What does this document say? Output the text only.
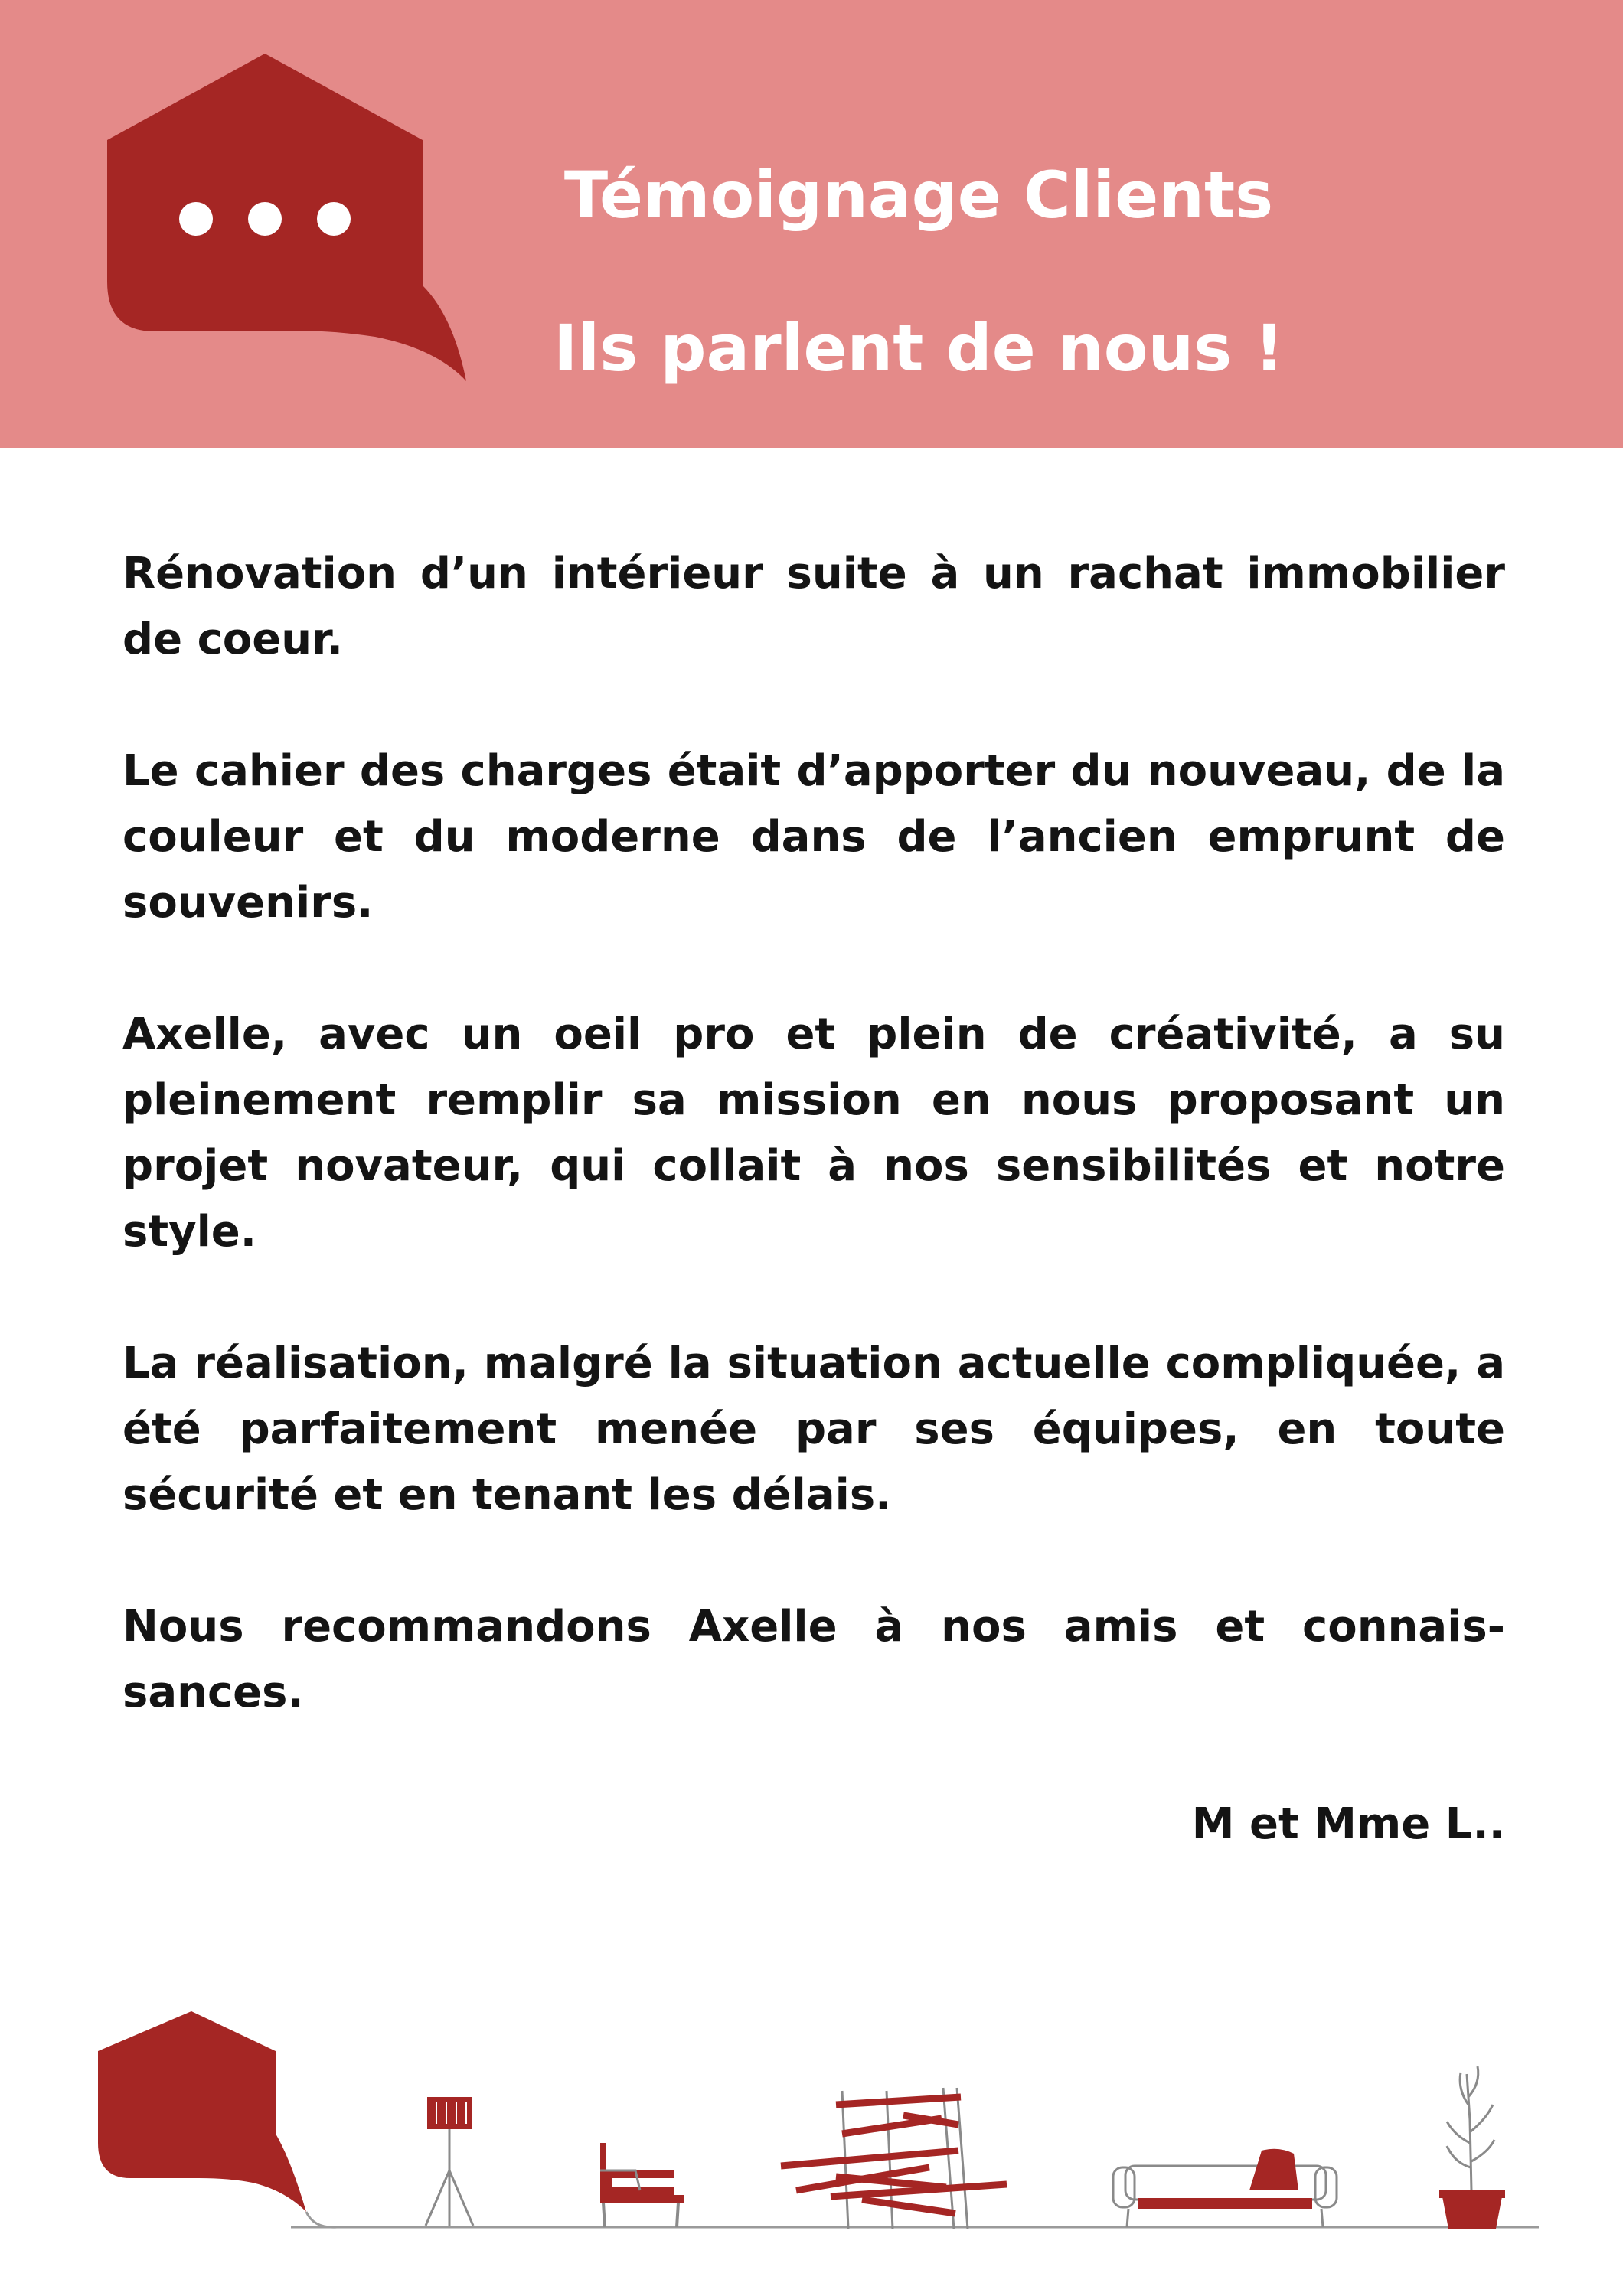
Témoignage Clients
Ils parlent de nous !

Rénovation d’un intérieur suite à un rachat immobilier de coeur.

Le cahier des charges était d’apporter du nouveau, de la couleur et du moderne dans de l’ancien emprunt de souvenirs.

Axelle, avec un oeil pro et plein de créativité, a su pleinement remplir sa mission en nous proposant un projet novateur, qui collait à nos sensibilités et notre style.

La réalisation, malgré la situation actuelle compliquée, a été parfaitement menée par ses équipes, en toute sécurité et en tenant les délais.

Nous recommandons Axelle à nos amis et connaissances.

M et Mme L..
